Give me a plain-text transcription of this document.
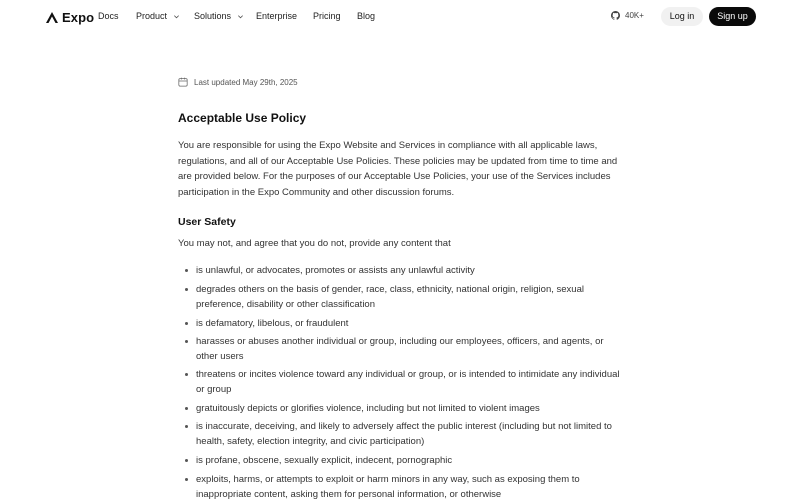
Expo Docs Product	Solutions	Enterprise Pricing Blog	40K+	Log in	Sign up
Last updated May 29th, 2025
Acceptable Use Policy

You are responsible for using the Expo Website and Services in compliance with all applicable laws, regulations, and all of our Acceptable Use Policies. These policies may be updated from time to time and are provided below. For the purposes of our Acceptable Use Policies, your use of the Services includes participation in the Expo Community and other discussion forums.

User Safety

You may not, and agree that you do not, provide any content that

is unlawful, or advocates, promotes or assists any unlawful activity
degrades others on the basis of gender, race, class, ethnicity, national origin, religion, sexual preference, disability or other classification
is defamatory, libelous, or fraudulent
harasses or abuses another individual or group, including our employees, officers, and agents, or other users
threatens or incites violence toward any individual or group, or is intended to intimidate any individual or group
gratuitously depicts or glorifies violence, including but not limited to violent images
is inaccurate, deceiving, and likely to adversely affect the public interest (including but not limited to health, safety, election integrity, and civic participation)
is profane, obscene, sexually explicit, indecent, pornographic
exploits, harms, or attempts to exploit or harm minors in any way, such as exposing them to inappropriate content, asking them for personal information, or otherwise
